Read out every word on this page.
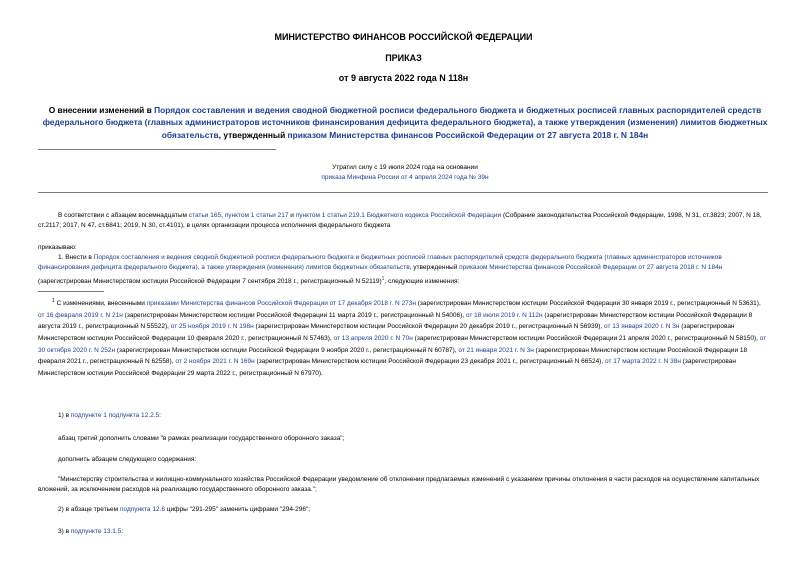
МИНИСТЕРСТВО ФИНАНСОВ РОССИЙСКОЙ ФЕДЕРАЦИИ
ПРИКАЗ
от 9 августа 2022 года N 118н
О внесении изменений в Порядок составления и ведения сводной бюджетной росписи федерального бюджета и бюджетных росписей главных распорядителей средств федерального бюджета (главных администраторов источников финансирования дефицита федерального бюджета), а также утверждения (изменения) лимитов бюджетных обязательств, утвержденный приказом Министерства финансов Российской Федерации от 27 августа 2018 г. N 184н
Утратил силу с 19 июля 2024 года на основании
приказа Минфина России от 4 апреля 2024 года № 39н
В соответствии с абзацем восемнадцатым статьи 165, пунктом 1 статьи 217 и пунктом 1 статьи 219.1 Бюджетного кодекса Российской Федерации (Собрание законодательства Российской Федерации, 1998, N 31, ст.3823; 2007, N 18, ст.2117; 2017, N 47, ст.6841; 2019, N 30, ст.4101), в целях организации процесса исполнения федерального бюджета
приказываю:
1. Внести в Порядок составления и ведения сводной бюджетной росписи федерального бюджета и бюджетных росписей главных распорядителей средств федерального бюджета (главных администраторов источников финансирования дефицита федерального бюджета), а также утверждения (изменения) лимитов бюджетных обязательств, утвержденный приказом Министерства финансов Российской Федерации от 27 августа 2018 г. N 184н (зарегистрирован Министерством юстиции Российской Федерации 7 сентября 2018 г., регистрационный N 52119)$^1$, следующие изменения:
$^1$ С изменениями, внесенными приказами Министерства финансов Российской Федерации от 17 декабря 2018 г. N 273н (зарегистрирован Министерством юстиции Российской Федерации 30 января 2019 г., регистрационный N 53631), от 16 февраля 2019 г. N 21н (зарегистрирован Министерством юстиции Российской Федерации 11 марта 2019 г., регистрационный N 54006), от 18 июля 2019 г. N 112н (зарегистрирован Министерством юстиции Российской Федерации 8 августа 2019 г., регистрационный N 55522), от 25 ноября 2019 г. N 198н (зарегистрирован Министерством юстиции Российской Федерации 20 декабря 2019 г., регистрационный N 56939), от 13 января 2020 г. N 3н (зарегистрирован Министерством юстиции Российской Федерации 10 февраля 2020 г., регистрационный N 57463), от 13 апреля 2020 г. N 70н (зарегистрирован Министерством юстиции Российской Федерации 21 апреля 2020 г., регистрационный N 58150), от 30 октября 2020 г. N 252н (зарегистрирован Министерством юстиции Российской Федерации 9 ноября 2020 г., регистрационный N 60787), от 21 января 2021 г. N 3н (зарегистрирован Министерством юстиции Российской Федерации 18 февраля 2021 г., регистрационный N 62558), от 2 ноября 2021 г. N 169н (зарегистрирован Министерством юстиции Российской Федерации 23 декабря 2021 г., регистрационный N 66524), от 17 марта 2022 г. N 38н (зарегистрирован Министерством юстиции Российской Федерации 29 марта 2022 г., регистрационный N 67970).
1) в подпункте 1 подпункта 12.2.5:
абзац третий дополнить словами "в рамках реализации государственного оборонного заказа";
дополнить абзацем следующего содержания:
"Министерству строительства и жилищно-коммунального хозяйства Российской Федерации уведомление об отклонении предлагаемых изменений с указанием причины отклонения в части расходов на осуществление капитальных вложений, за исключением расходов на реализацию государственного оборонного заказа.";
2) в абзаце третьем подпункта 12.6 цифры "291-295" заменить цифрами "294-296";
3) в подпункте 13.1.5:
